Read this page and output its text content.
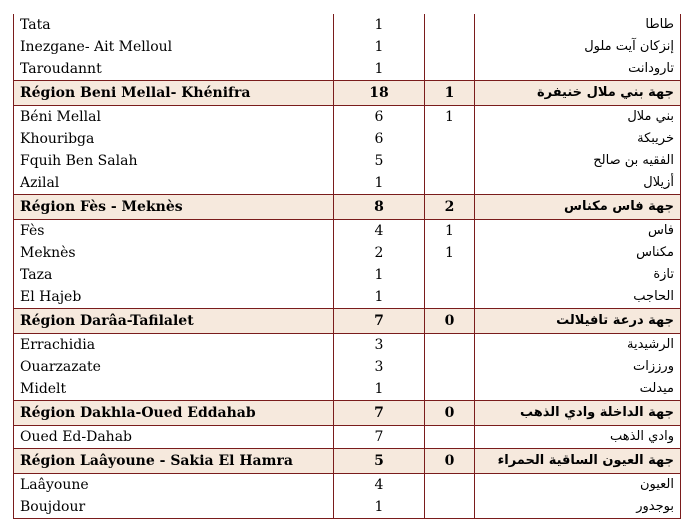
Tata	1		طاطا
Inezgane- Ait Melloul	1		إنزكان آيت ملول
Taroudannt	1		تارودانت
Région Beni Mellal- Khénifra	18	1	جهة بني ملال خنيفرة
Béni Mellal	6	1	بني ملال
Khouribga	6		خريبكة
Fquih Ben Salah	5		الفقيه بن صالح
Azilal	1		أزيلال
Région Fès - Meknès	8	2	جهة فاس مكناس
Fès	4	1	فاس
Meknès	2	1	مكناس
Taza	1		تازة
El Hajeb	1		الحاجب
Région Darâa-Tafilalet	7	0	جهة درعة تافيلالت
Errachidia	3		الرشيدية
Ouarzazate	3		ورززات
Midelt	1		ميدلت
Région Dakhla-Oued Eddahab	7	0	جهة الداخلة وادي الذهب
Oued Ed-Dahab	7		وادي الذهب
Région Laâyoune - Sakia El Hamra	5	0	جهة العيون الساقية الحمراء
Laâyoune	4		العيون
Boujdour	1		بوجدور
